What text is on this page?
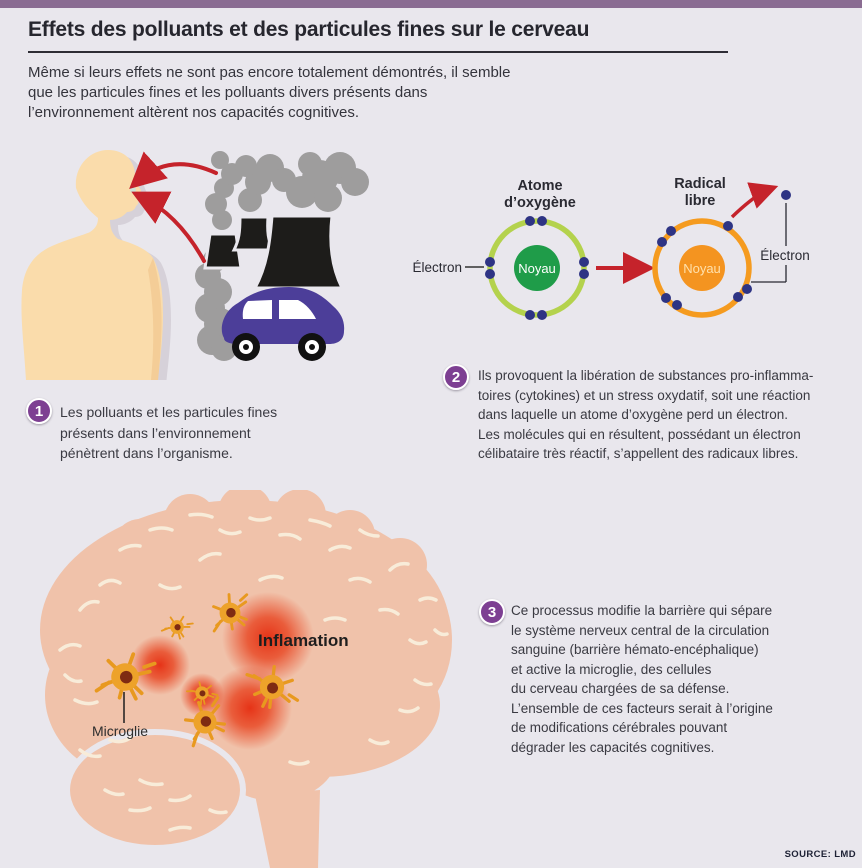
Effets des polluants et des particules fines sur le cerveau
Même si leurs effets ne sont pas encore totalement démontrés, il semble
que les particules fines et les polluants divers présents dans
l’environnement altèrent nos capacités cognitives.
Atome
d’oxygène
Noyau
Électron
Radical
libre
Noyau
Électron
1	Les polluants et les particules fines
présents dans l’environnement
pénètrent dans l’organisme.
2	Ils provoquent la libération de substances pro-inflamma-
toires (cytokines) et un stress oxydatif, soit une réaction
dans laquelle un atome d’oxygène perd un électron.
Les molécules qui en résultent, possédant un électron
célibataire très réactif, s’appellent des radicaux libres.
3	Ce processus modifie la barrière qui sépare
le système nerveux central de la circulation
sanguine (barrière hémato-encéphalique)
et active la microglie, des cellules
du cerveau chargées de sa défense.
L’ensemble de ces facteurs serait à l’origine
de modifications cérébrales pouvant
dégrader les capacités cognitives.
Microglie
Inflamation
SOURCE: LMD
